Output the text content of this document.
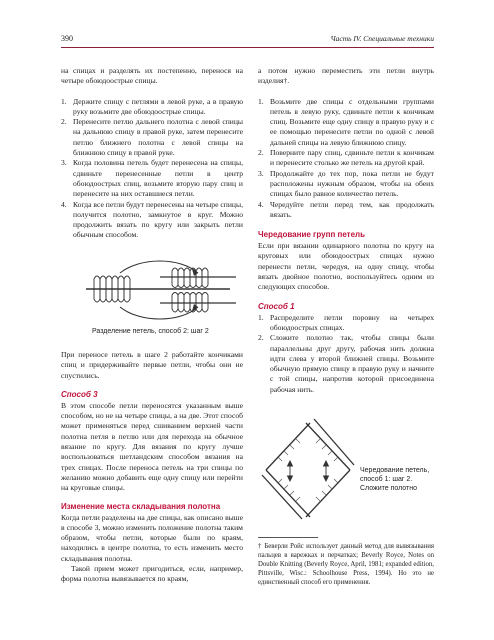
390	Часть IV. Специальные техники

на спицах и разделять их постепенно, перенося на четыре обоюдоострые спицы.

1. Держите спицу с петлями в левой руке, а в правую руку возьмите две обоюдоострые спицы.
2. Перенесите петлю дальнего полотна с левой спицы на дальнюю спицу в правой руке, затем перенесите петлю ближнего полотна с левой спицы на ближнюю спицу в правой руке.
3. Когда половина петель будет перенесена на спицы, сдвиньте перенесенные петли в центр обоюдоострых спиц, возьмите вторую пару спиц и перенесите на них оставшиеся петли.
4. Когда все петли будут перенесены на четыре спицы, получится полотно, замкнутое в круг. Можно продолжить вязать по кругу или закрыть петли обычным способом.
Разделение петель, способ 2: шаг 2

При переносе петель в шаге 2 работайте кончиками спиц и придерживайте первые петли, чтобы они не спустились.

Способ 3

В этом способе петли переносятся указанным выше способом, но не на четыре спицы, а на две. Этот способ может применяться перед сшиванием верхней части полотна петля в петлю или для перехода на обычное вязание по кругу. Для вязания по кругу лучше воспользоваться шетландским способом вязания на трех спицах. После переноса петель на три спицы по желанию можно добавить еще одну спицу или перейти на круговые спицы.

Изменение места складывания полотна

Когда петли разделены на две спицы, как описано выше в способе 3, можно изменить положение полотна таким образом, чтобы петли, которые были по краям, находились в центре полотна, то есть изменить место складывания полотна.

Такой прием может пригодиться, если, например, форма полотна вывязывается по краям,

а потом нужно переместить эти петли внутрь изделия†.

1. Возьмите две спицы с отдельными группами петель в левую руку, сдвиньте петли к кончикам спиц. Возьмите еще одну спицу в правую руку и с ее помощью перенесите петли по одной с левой дальней спицы на левую ближнюю спицу.
2. Поверните пару спиц, сдвиньте петли к кончикам и перенесите столько же петель на другой край.
3. Продолжайте до тех пор, пока петли не будут расположены нужным образом, чтобы на обеих спицах было равное количество петель.
4. Чередуйте петли перед тем, как продолжать вязать.
Чередование групп петель

Если при вязании одинарного полотна по кругу на круговых или обоюдоострых спицах нужно перенести петли, чередуя, на одну спицу, чтобы вязать двойное полотно, воспользуйтесь одним из следующих способов.

Способ 1
1. Распределите петли поровну на четырех обоюдоострых спицах.
2. Сложите полотно так, чтобы спицы были параллельны друг другу, рабочая нить должна идти слева у второй ближней спицы. Возьмите обычную прямую спицу в правую руку и начните с той спицы, напротив которой присоединена рабочая нить.
Чередование петель, способ 1: шаг 2. Сложите полотно

† Беверли Ройс использует данный метод для вывязывания пальцев в варежках и перчатках; Beverly Royce, Notes on Double Knitting (Beverly Royce, April, 1981; expanded edition, Pittsville, Wisc.: Schoolhouse Press, 1994). Но это не единственный способ его применения.
